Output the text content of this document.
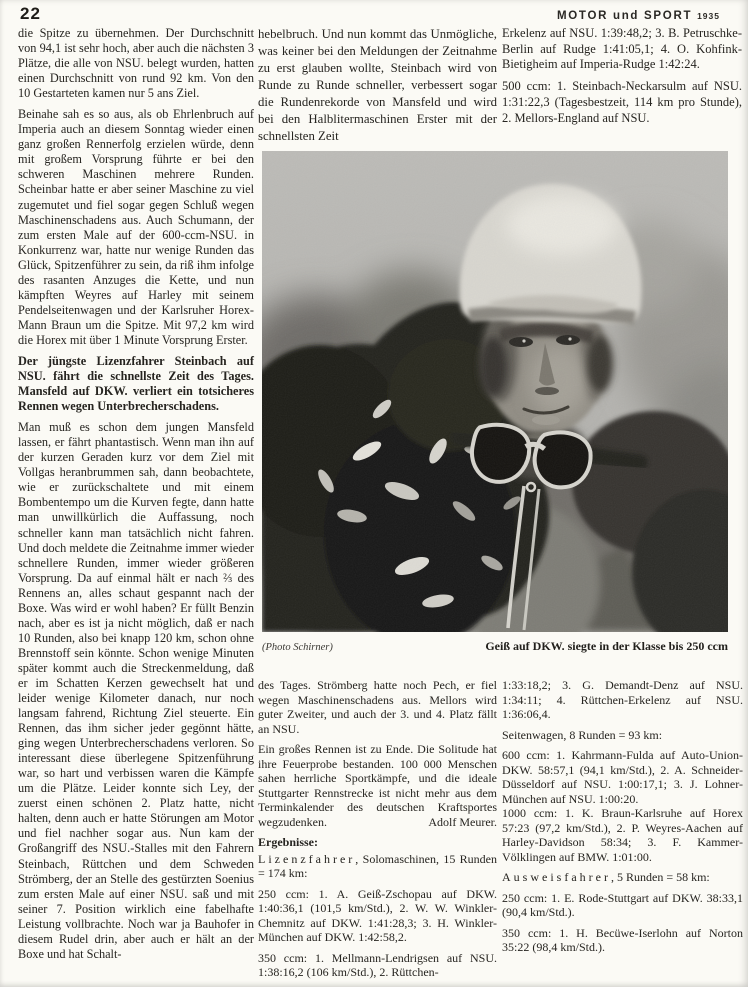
22	MOTOR und SPORT 1935

die Spitze zu übernehmen. Der Durchschnitt von 94,1 ist sehr hoch, aber auch die nächsten 3 Plätze, die alle von NSU. belegt wurden, hatten einen Durchschnitt von rund 92 km. Von den 10 Gestarteten kamen nur 5 ans Ziel.

Beinahe sah es so aus, als ob Ehrlenbruch auf Imperia auch an diesem Sonntag wieder einen ganz großen Rennerfolg erzielen würde, denn mit großem Vorsprung führte er bei den schweren Maschinen mehrere Runden. Scheinbar hatte er aber seiner Maschine zu viel zugemutet und fiel sogar gegen Schluß wegen Maschinenschadens aus. Auch Schumann, der zum ersten Male auf der 600-ccm-NSU. in Konkurrenz war, hatte nur wenige Runden das Glück, Spitzenführer zu sein, da riß ihm infolge des rasanten Anzuges die Kette, und nun kämpften Weyres auf Harley mit seinem Pendelseitenwagen und der Karlsruher Horex-Mann Braun um die Spitze. Mit 97,2 km wird die Horex mit über 1 Minute Vorsprung Erster.

Der jüngste Lizenzfahrer Steinbach auf NSU. fährt die schnellste Zeit des Tages. Mansfeld auf DKW. verliert ein totsicheres Rennen wegen Unterbrecherschadens.

Man muß es schon dem jungen Mansfeld lassen, er fährt phantastisch. Wenn man ihn auf der kurzen Geraden kurz vor dem Ziel mit Vollgas heranbrummen sah, dann beobachtete, wie er zurückschaltete und mit einem Bombentempo um die Kurven fegte, dann hatte man unwillkürlich die Auffassung, noch schneller kann man tatsächlich nicht fahren. Und doch meldete die Zeitnahme immer wieder schnellere Runden, immer wieder größeren Vorsprung. Da auf einmal hält er nach ⅔ des Rennens an, alles schaut gespannt nach der Boxe. Was wird er wohl haben? Er füllt Benzin nach, aber es ist ja nicht möglich, daß er nach 10 Runden, also bei knapp 120 km, schon ohne Brennstoff sein könnte. Schon wenige Minuten später kommt auch die Streckenmeldung, daß er im Schatten Kerzen gewechselt hat und leider wenige Kilometer danach, nur noch langsam fahrend, Richtung Ziel steuerte. Ein Rennen, das ihm sicher jeder gegönnt hätte, ging wegen Unterbrecherschadens verloren. So interessant diese überlegene Spitzenführung war, so hart und verbissen waren die Kämpfe um die Plätze. Leider konnte sich Ley, der zuerst einen schönen 2. Platz hatte, nicht halten, denn auch er hatte Störungen am Motor und fiel nachher sogar aus. Nun kam der Großangriff des NSU.-Stalles mit den Fahrern Steinbach, Rüttchen und dem Schweden Strömberg, der an Stelle des gestürzten Soenius zum ersten Male auf einer NSU. saß und mit seiner 7. Position wirklich eine fabelhafte Leistung vollbrachte. Noch war ja Bauhofer in diesem Rudel drin, aber auch er hält an der Boxe und hat Schalt-

hebelbruch. Und nun kommt das Unmögliche, was keiner bei den Meldungen der Zeitnahme zu erst glauben wollte, Steinbach wird von Runde zu Runde schneller, verbessert sogar die Rundenrekorde von Mansfeld und wird bei den Halblitermaschinen Erster mit der schnellsten Zeit

Erkelenz auf NSU. 1:39:48,2; 3. B. Petruschke-Berlin auf Rudge 1:41:05,1; 4. O. Kohfink-Bietigheim auf Imperia-Rudge 1:42:24.

500 ccm: 1. Steinbach-Neckarsulm auf NSU. 1:31:22,3 (Tagesbestzeit, 114 km pro Stunde), 2. Mellors-England auf NSU.

(Photo Schirner)	Geiß auf DKW. siegte in der Klasse bis 250 ccm

des Tages. Strömberg hatte noch Pech, er fiel wegen Maschinenschadens aus. Mellors wird guter Zweiter, und auch der 3. und 4. Platz fällt an NSU.

Ein großes Rennen ist zu Ende. Die Solitude hat ihre Feuerprobe bestanden. 100 000 Menschen sahen herrliche Sportkämpfe, und die ideale Stuttgarter Rennstrecke ist nicht mehr aus dem Terminkalender des deutschen Kraftsportes wegzudenken.	Adolf Meurer.

Ergebnisse:

Lizenzfahrer, Solomaschinen, 15 Runden = 174 km:

250 ccm: 1. A. Geiß-Zschopau auf DKW. 1:40:36,1 (101,5 km/Std.), 2. W. W. Winkler-Chemnitz auf DKW. 1:41:28,3; 3. H. Winkler-München auf DKW. 1:42:58,2.

350 ccm: 1. Mellmann-Lendrigsen auf NSU. 1:38:16,2 (106 km/Std.), 2. Rüttchen-

1:33:18,2; 3. G. Demandt-Denz auf NSU. 1:34:11; 4. Rüttchen-Erkelenz auf NSU. 1:36:06,4.

Seitenwagen, 8 Runden = 93 km:

600 ccm: 1. Kahrmann-Fulda auf Auto-Union-DKW. 58:57,1 (94,1 km/Std.), 2. A. Schneider-Düsseldorf auf NSU. 1:00:17,1; 3. J. Lohner-München auf NSU. 1:00:20.

1000 ccm: 1. K. Braun-Karlsruhe auf Horex 57:23 (97,2 km/Std.), 2. P. Weyres-Aachen auf Harley-Davidson 58:34; 3. F. Kammer-Völklingen auf BMW. 1:01:00.

Ausweisfahrer, 5 Runden = 58 km:

250 ccm: 1. E. Rode-Stuttgart auf DKW. 38:33,1 (90,4 km/Std.).

350 ccm: 1. H. Becüwe-Iserlohn auf Norton 35:22 (98,4 km/Std.).
